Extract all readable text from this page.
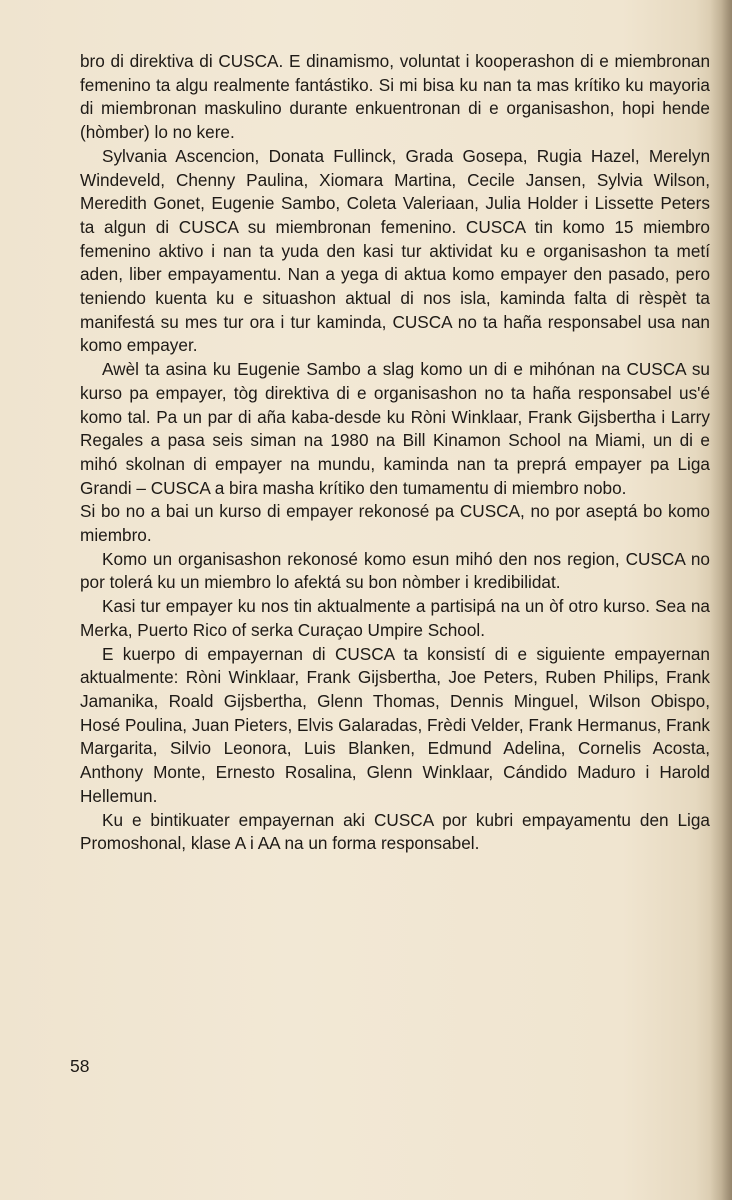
bro di direktiva di CUSCA. E dinamismo, voluntat i kooperashon di e miembronan femenino ta algu realmente fantástiko. Si mi bisa ku nan ta mas krítiko ku mayoria di miembronan maskulino durante enkuentronan di e organisashon, hopi hende (hòmber) lo no kere.

Sylvania Ascencion, Donata Fullinck, Grada Gosepa, Rugia Hazel, Merelyn Windeveld, Chenny Paulina, Xiomara Martina, Cecile Jansen, Sylvia Wilson, Meredith Gonet, Eugenie Sambo, Coleta Valeriaan, Julia Holder i Lissette Peters ta algun di CUSCA su miembronan femenino. CUSCA tin komo 15 miembro femenino aktivo i nan ta yuda den kasi tur aktividat ku e organisashon ta metí aden, liber empayamentu. Nan a yega di aktua komo empayer den pasado, pero teniendo kuenta ku e situashon aktual di nos isla, kaminda falta di rèspèt ta manifestá su mes tur ora i tur kaminda, CUSCA no ta haña responsabel usa nan komo empayer.

Awèl ta asina ku Eugenie Sambo a slag komo un di e mihónan na CUSCA su kurso pa empayer, tòg direktiva di e organisashon no ta haña responsabel us'é komo tal. Pa un par di aña kaba-desde ku Ròni Winklaar, Frank Gijsbertha i Larry Regales a pasa seis siman na 1980 na Bill Kinamon School na Miami, un di e mihó skolnan di empayer na mundu, kaminda nan ta preprá empayer pa Liga Grandi – CUSCA a bira masha krítiko den tumamentu di miembro nobo.

Si bo no a bai un kurso di empayer rekonosé pa CUSCA, no por aseptá bo komo miembro.

Komo un organisashon rekonosé komo esun mihó den nos region, CUSCA no por tolerá ku un miembro lo afektá su bon nòmber i kredibilidat.

Kasi tur empayer ku nos tin aktualmente a partisipá na un òf otro kurso. Sea na Merka, Puerto Rico of serka Curaçao Umpire School.

E kuerpo di empayernan di CUSCA ta konsistí di e siguiente empayernan aktualmente: Ròni Winklaar, Frank Gijsbertha, Joe Peters, Ruben Philips, Frank Jamanika, Roald Gijsbertha, Glenn Thomas, Dennis Minguel, Wilson Obispo, Hosé Poulina, Juan Pieters, Elvis Galaradas, Frèdi Velder, Frank Hermanus, Frank Margarita, Silvio Leonora, Luis Blanken, Edmund Adelina, Cornelis Acosta, Anthony Monte, Ernesto Rosalina, Glenn Winklaar, Cándido Maduro i Harold Hellemun.

Ku e bintikuater empayernan aki CUSCA por kubri empayamentu den Liga Promoshonal, klase A i AA na un forma responsabel.

58
